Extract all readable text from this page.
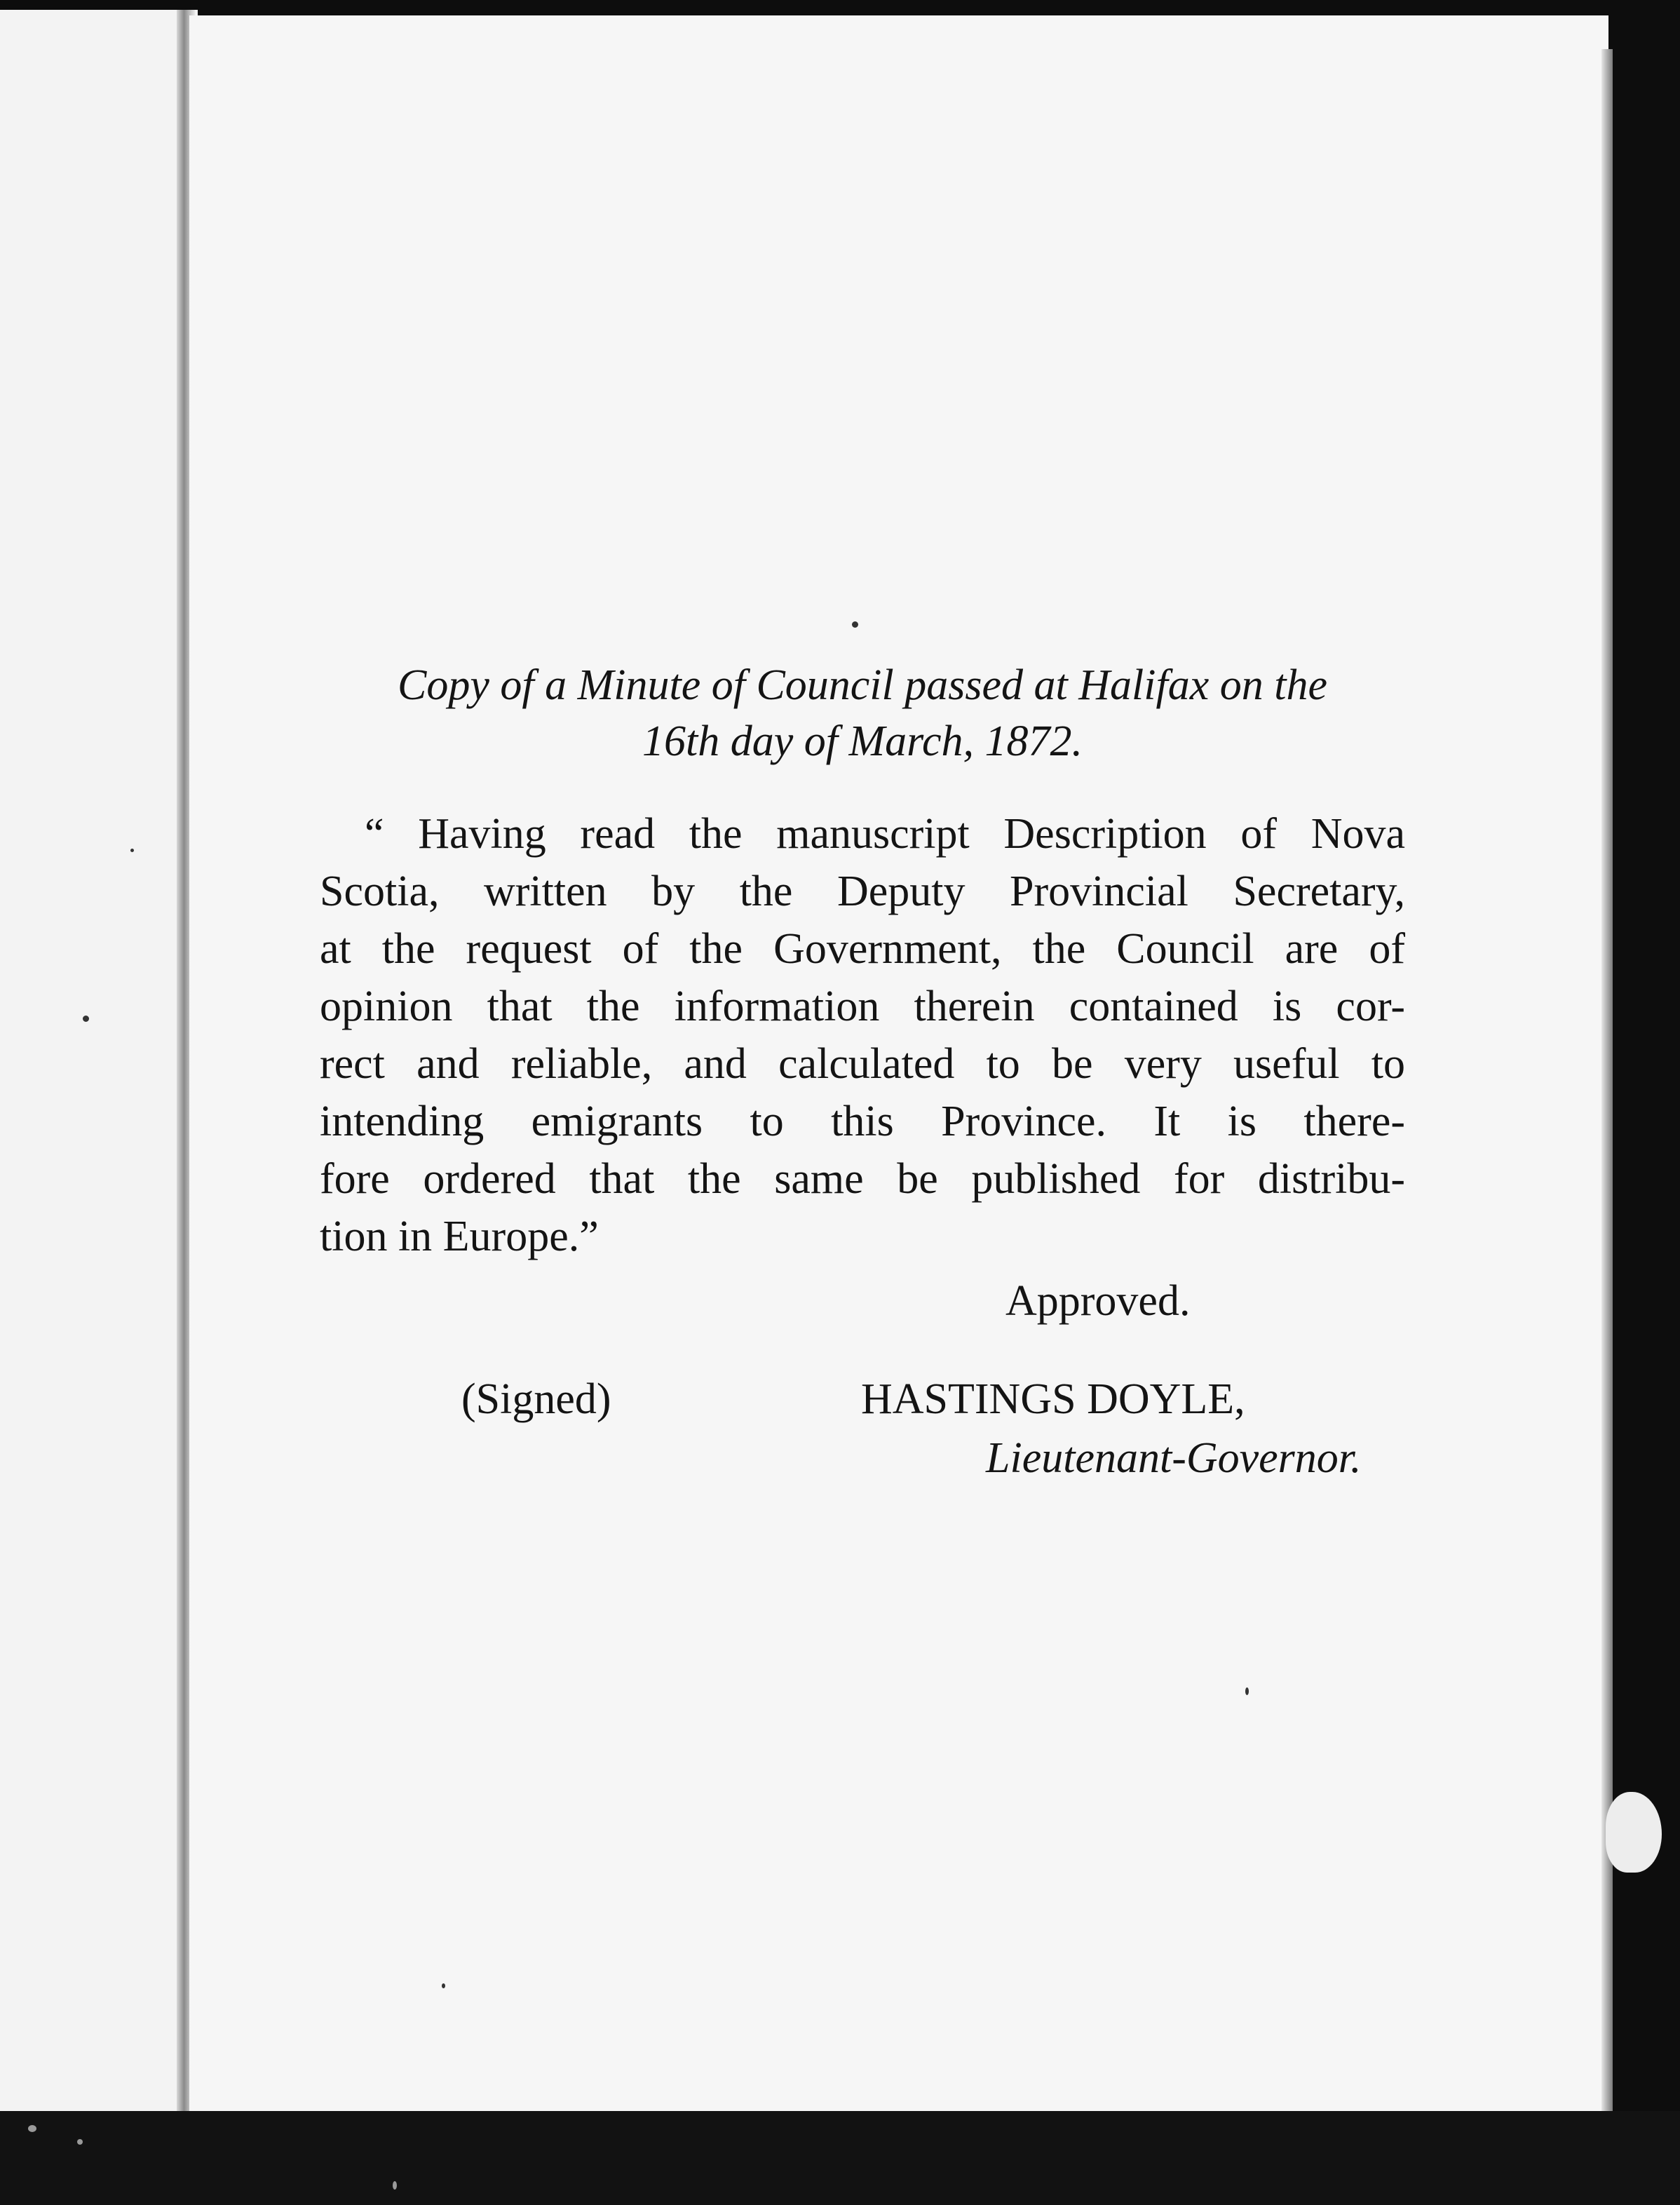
Copy of a Minute of Council passed at Halifax on the
16th day of March, 1872.
“ Having read the manuscript Description of Nova
Scotia, written by the Deputy Provincial Secretary,
at the request of the Government, the Council are of
opinion that the information therein contained is cor-
rect and reliable, and calculated to be very useful to
intending emigrants to this Province. It is there-
fore ordered that the same be published for distribu-
tion in Europe.”
Approved.
(Signed)	HASTINGS DOYLE,
Lieutenant-Governor.
